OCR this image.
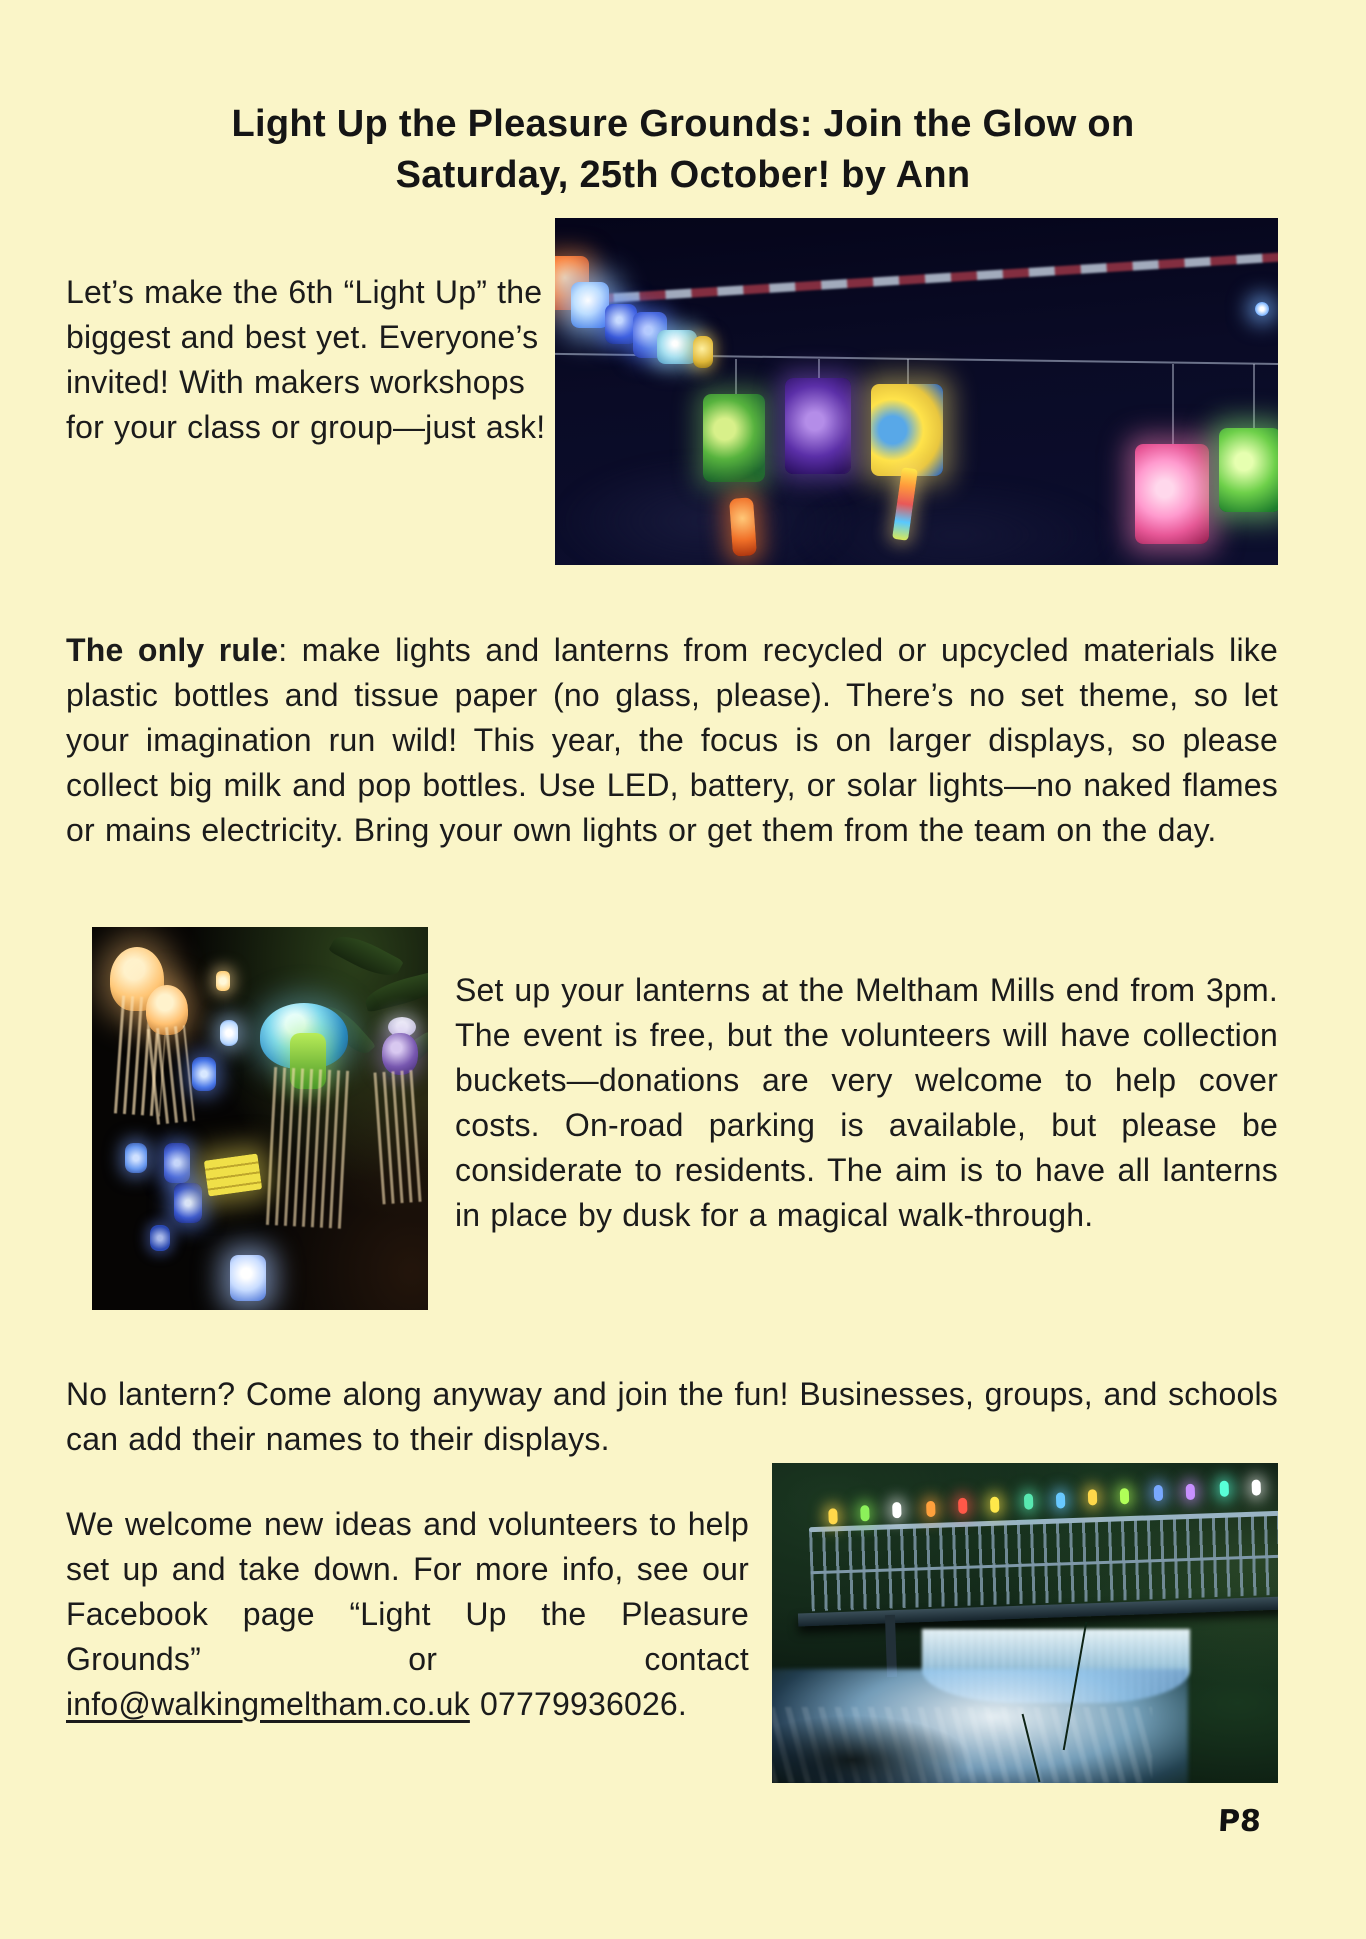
Light Up the Pleasure Grounds: Join the Glow on
Saturday, 25th October! by Ann

Let’s make the 6th “Light Up” the biggest and best yet. Everyone’s invited! With makers workshops for your class or group—just ask!

The only rule: make lights and lanterns from recycled or upcycled materials like plastic bottles and tissue paper (no glass, please). There’s no set theme, so let your imagination run wild! This year, the focus is on larger displays, so please collect big milk and pop bottles. Use LED, battery, or solar lights—no naked flames or mains electricity. Bring your own lights or get them from the team on the day.

Set up your lanterns at the Meltham Mills end from 3pm. The event is free, but the volunteers will have collection buckets—donations are very welcome to help cover costs. On-road parking is available, but please be considerate to residents. The aim is to have all lanterns in place by dusk for a magical walk-through.

No lantern? Come along anyway and join the fun! Businesses, groups, and schools can add their names to their displays.

We welcome new ideas and volunteers to help set up and take down. For more info, see our Facebook page “Light Up the Pleasure Grounds” or contact info@walkingmeltham.co.uk 07779936026.

P8
